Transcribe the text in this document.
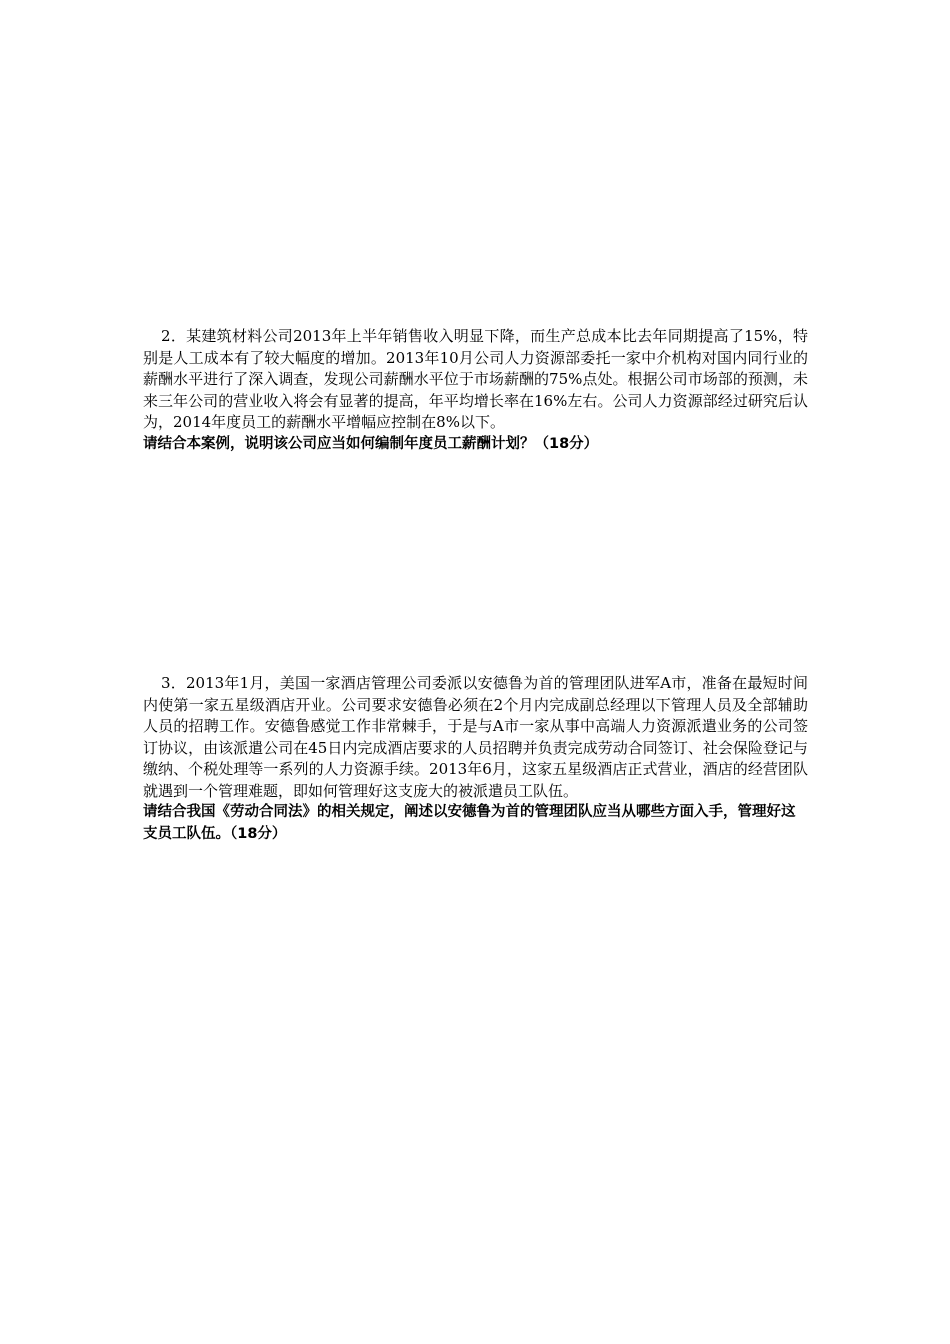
2．某建筑材料公司2013年上半年销售收入明显下降，而生产总成本比去年同期提高了15%，特别是人工成本有了较大幅度的增加。2013年10月公司人力资源部委托一家中介机构对国内同行业的薪酬水平进行了深入调查，发现公司薪酬水平位于市场薪酬的75%点处。根据公司市场部的预测，未来三年公司的营业收入将会有显著的提高，年平均增长率在16%左右。公司人力资源部经过研究后认为，2014年度员工的薪酬水平增幅应控制在8%以下。

请结合本案例，说明该公司应当如何编制年度员工薪酬计划？（18分）

3．2013年1月，美国一家酒店管理公司委派以安德鲁为首的管理团队进军A市，准备在最短时间内使第一家五星级酒店开业。公司要求安德鲁必须在2个月内完成副总经理以下管理人员及全部辅助人员的招聘工作。安德鲁感觉工作非常棘手，于是与A市一家从事中高端人力资源派遣业务的公司签订协议，由该派遣公司在45日内完成酒店要求的人员招聘并负责完成劳动合同签订、社会保险登记与缴纳、个税处理等一系列的人力资源手续。2013年6月，这家五星级酒店正式营业，酒店的经营团队就遇到一个管理难题，即如何管理好这支庞大的被派遣员工队伍。

请结合我国《劳动合同法》的相关规定，阐述以安德鲁为首的管理团队应当从哪些方面入手，管理好这支员工队伍。（18分）
